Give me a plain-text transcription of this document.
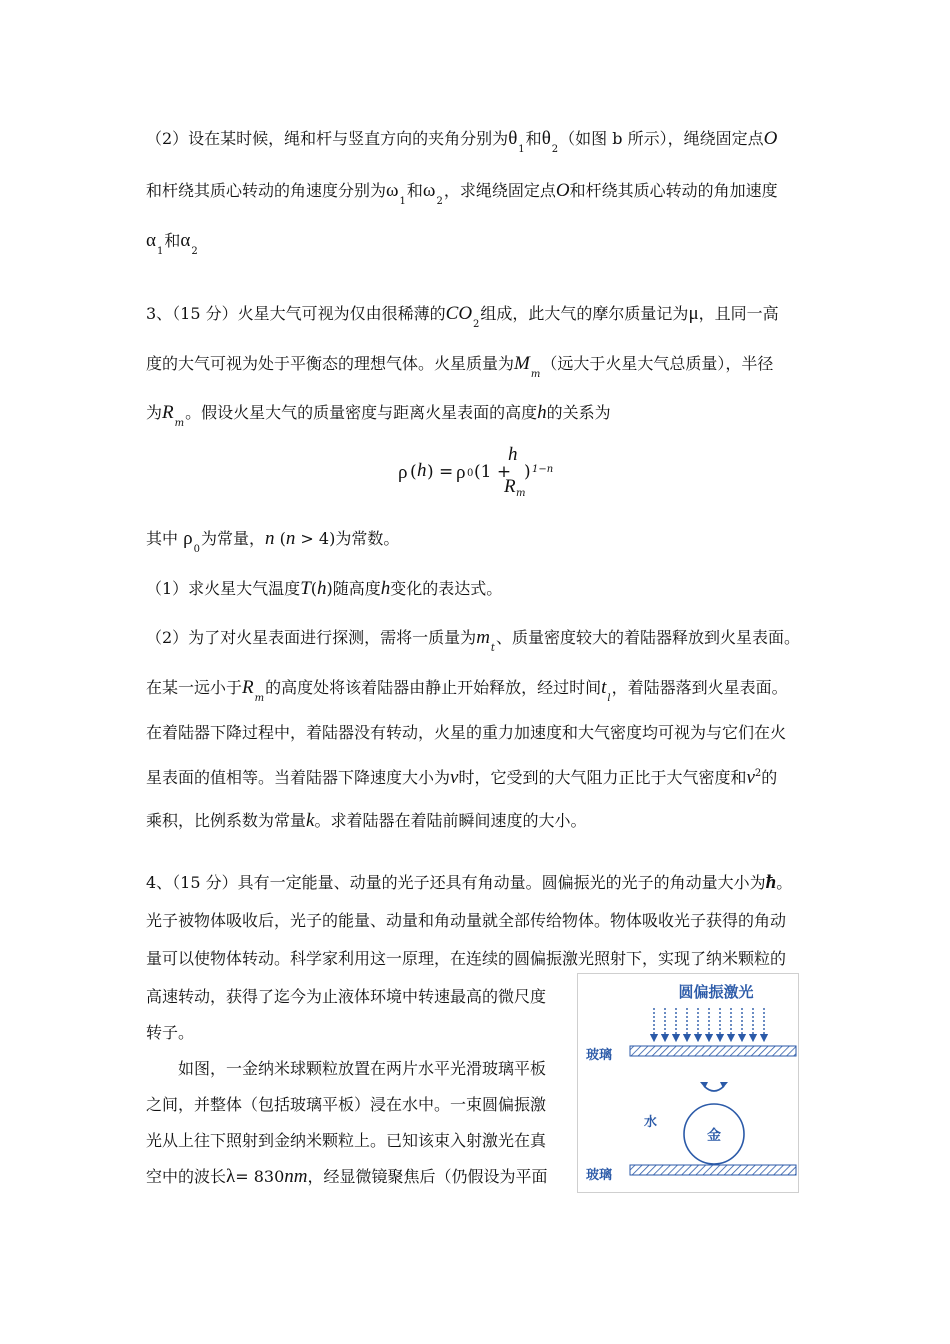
（2）设在某时候，绳和杆与竖直方向的夹角分别为$\theta_1$和$\theta_2$（如图 b 所示），绳绕固定点O
和杆绕其质心转动的角速度分别为$\omega_1$和$\omega_2$，求绳绕固定点O和杆绕其质心转动的角加速度
$\alpha_1$和$\alpha_2$
3、（15 分）火星大气可视为仅由很稀薄的$CO_2$组成，此大气的摩尔质量记为μ，且同一高
度的大气可视为处于平衡态的理想气体。火星质量为$M_m$（远大于火星大气总质量），半径
为$R_m$。假设火星大气的质量密度与距离火星表面的高度h的关系为
ρ ( h ) = ρ 0 (1 +
h
R m
) 1−n
其中 $\rho_0$为常量，n (n > 4)为常数。
（1）求火星大气温度T(h)随高度h变化的表达式。
（2）为了对火星表面进行探测，需将一质量为$m_t$、质量密度较大的着陆器释放到火星表面。
在某一远小于$R_m$的高度处将该着陆器由静止开始释放，经过时间$t_l$，着陆器落到火星表面。
在着陆器下降过程中，着陆器没有转动，火星的重力加速度和大气密度均可视为与它们在火
星表面的值相等。当着陆器下降速度大小为v时，它受到的大气阻力正比于大气密度和$v^2$的
乘积，比例系数为常量k。求着陆器在着陆前瞬间速度的大小。
4、（15 分）具有一定能量、动量的光子还具有角动量。圆偏振光的光子的角动量大小为ħ。
光子被物体吸收后，光子的能量、动量和角动量就全部传给物体。物体吸收光子获得的角动
量可以使物体转动。科学家利用这一原理，在连续的圆偏振激光照射下，实现了纳米颗粒的
高速转动，获得了迄今为止液体环境中转速最高的微尺度
转子。
如图，一金纳米球颗粒放置在两片水平光滑玻璃平板
之间，并整体（包括玻璃平板）浸在水中。一束圆偏振激
光从上往下照射到金纳米颗粒上。已知该束入射激光在真
空中的波长λ= 830nm，经显微镜聚焦后（仍假设为平面
圆偏振激光
玻璃
水
金
玻璃
